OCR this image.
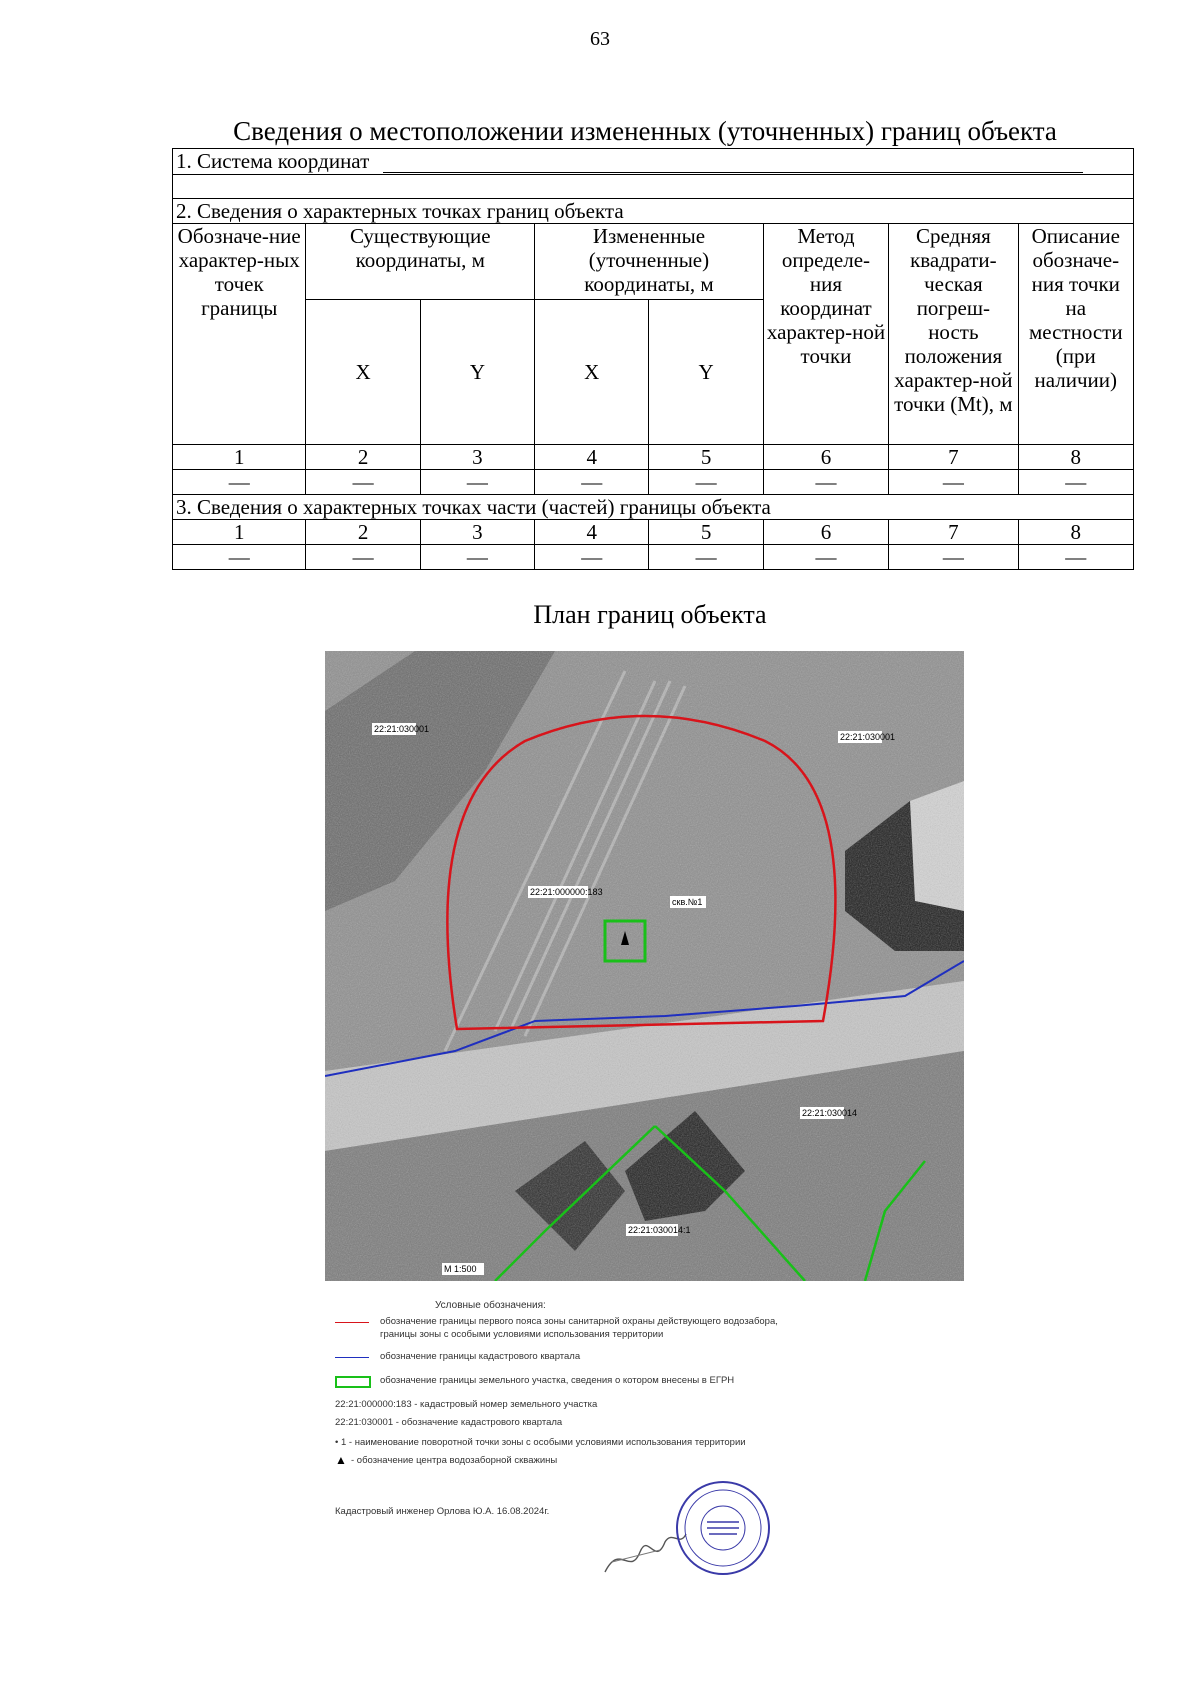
63
Сведения о местоположении измененных (уточненных) границ объекта
1. Система координат							

2. Сведения о характерных точках границ объекта							
Обозначе-ние характер-ных точек границы	Существующие координаты, м		Измененные (уточненные) координаты, м		Метод определе-ния координат характер-ной точки	Средняя квадрати-ческая погреш-ность положения характер-ной точки (Mt), м	Описание обозначе-ния точки на местности (при наличии)
	X	Y	X	Y			
1	2	3	4	5	6	7	8
—	—	—	—	—	—	—	—
3. Сведения о характерных точках части (частей) границы объекта							
1	2	3	4	5	6	7	8
—	—	—	—	—	—	—	—
План границ объекта
22:21:030001
22:21:030001
22:21:000000:183
скв.№1
22:21:030014
22:21:030014:1
М 1:500
Условные обозначения:
обозначение границы первого пояса зоны санитарной охраны действующего водозабора,
границы зоны с особыми условиями использования территории
обозначение границы кадастрового квартала
обозначение границы земельного участка, сведения о котором внесены в ЕГРН
22:21:000000:183 - кадастровый номер земельного участка
22:21:030001 - обозначение кадастрового квартала
• 1 - наименование поворотной точки зоны с особыми условиями использования территории
▲ - обозначение центра водозаборной скважины
Кадастровый инженер Орлова Ю.А. 16.08.2024г.
